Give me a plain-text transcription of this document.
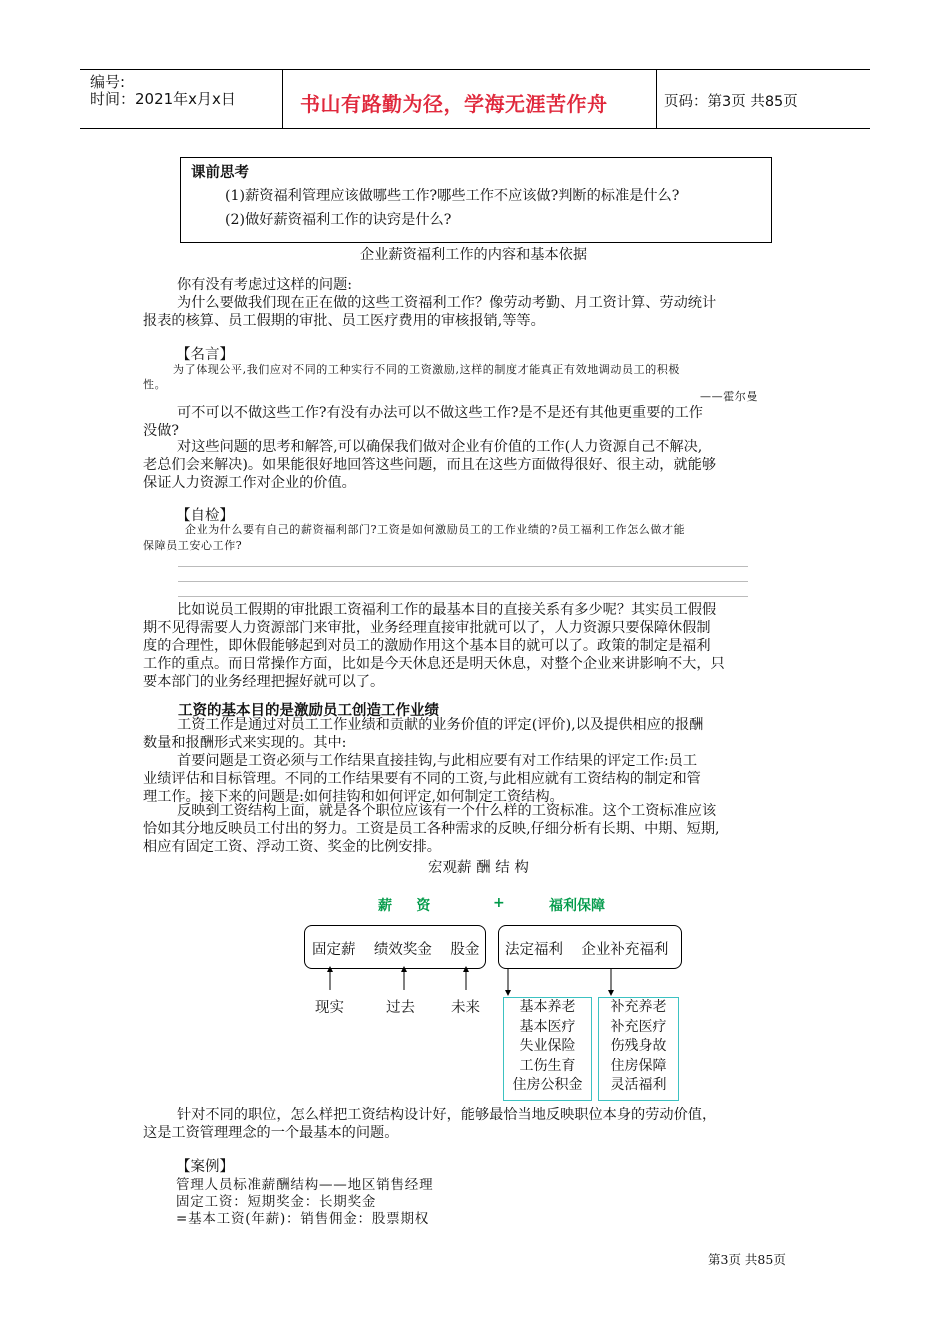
编号:
时间：2021年x月x日	书山有路勤为径，学海无涯苦作舟	页码：第3页 共85页
课前思考
(1)薪资福利管理应该做哪些工作?哪些工作不应该做?判断的标准是什么?
(2)做好薪资福利工作的诀窍是什么?
企业薪资福利工作的内容和基本依据
你有没有考虑过这样的问题:
为什么要做我们现在正在做的这些工资福利工作？像劳动考勤、月工资计算、劳动统计
报表的核算、员工假期的审批、员工医疗费用的审核报销,等等。
【名言】
为了体现公平,我们应对不同的工种实行不同的工资激励,这样的制度才能真正有效地调动员工的积极
性。
——霍尔曼
可不可以不做这些工作?有没有办法可以不做这些工作?是不是还有其他更重要的工作
没做?
对这些问题的思考和解答,可以确保我们做对企业有价值的工作(人力资源自己不解决,
老总们会来解决)。如果能很好地回答这些问题，而且在这些方面做得很好、很主动，就能够
保证人力资源工作对企业的价值。
【自检】
企业为什么要有自己的薪资福利部门?工资是如何激励员工的工作业绩的?员工福利工作怎么做才能
保障员工安心工作?
比如说员工假期的审批跟工资福利工作的最基本目的直接关系有多少呢？其实员工假假
期不见得需要人力资源部门来审批，业务经理直接审批就可以了，人力资源只要保障休假制
度的合理性，即休假能够起到对员工的激励作用这个基本目的就可以了。政策的制定是福利
工作的重点。而日常操作方面，比如是今天休息还是明天休息，对整个企业来讲影响不大，只
要本部门的业务经理把握好就可以了。
工资的基本目的是激励员工创造工作业绩
工资工作是通过对员工工作业绩和贡献的业务价值的评定(评价),以及提供相应的报酬
数量和报酬形式来实现的。其中:
首要问题是工资必须与工作结果直接挂钩,与此相应要有对工作结果的评定工作:员工
业绩评估和目标管理。不同的工作结果要有不同的工资,与此相应就有工资结构的制定和管
理工作。接下来的问题是:如何挂钩和如何评定,如何制定工资结构。
反映到工资结构上面，就是各个职位应该有一个什么样的工资标准。这个工资标准应该
恰如其分地反映员工付出的努力。工资是员工各种需求的反映,仔细分析有长期、中期、短期,
相应有固定工资、浮动工资、奖金的比例安排。
宏观薪 酬 结 构
薪     资	+	福利保障
固定薪    绩效奖金    股金 法定福利    企业补充福利
现实	过去 未来	基本养老
基本医疗
失业保险
工伤生育
住房公积金
补充养老
补充医疗
伤残身故
住房保障
灵活福利
针对不同的职位，怎么样把工资结构设计好，能够最恰当地反映职位本身的劳动价值，
这是工资管理理念的一个最基本的问题。
【案例】
管理人员标准薪酬结构——地区销售经理
固定工资：短期奖金：长期奖金
=基本工资(年薪)：销售佣金：股票期权
第3页 共85页
